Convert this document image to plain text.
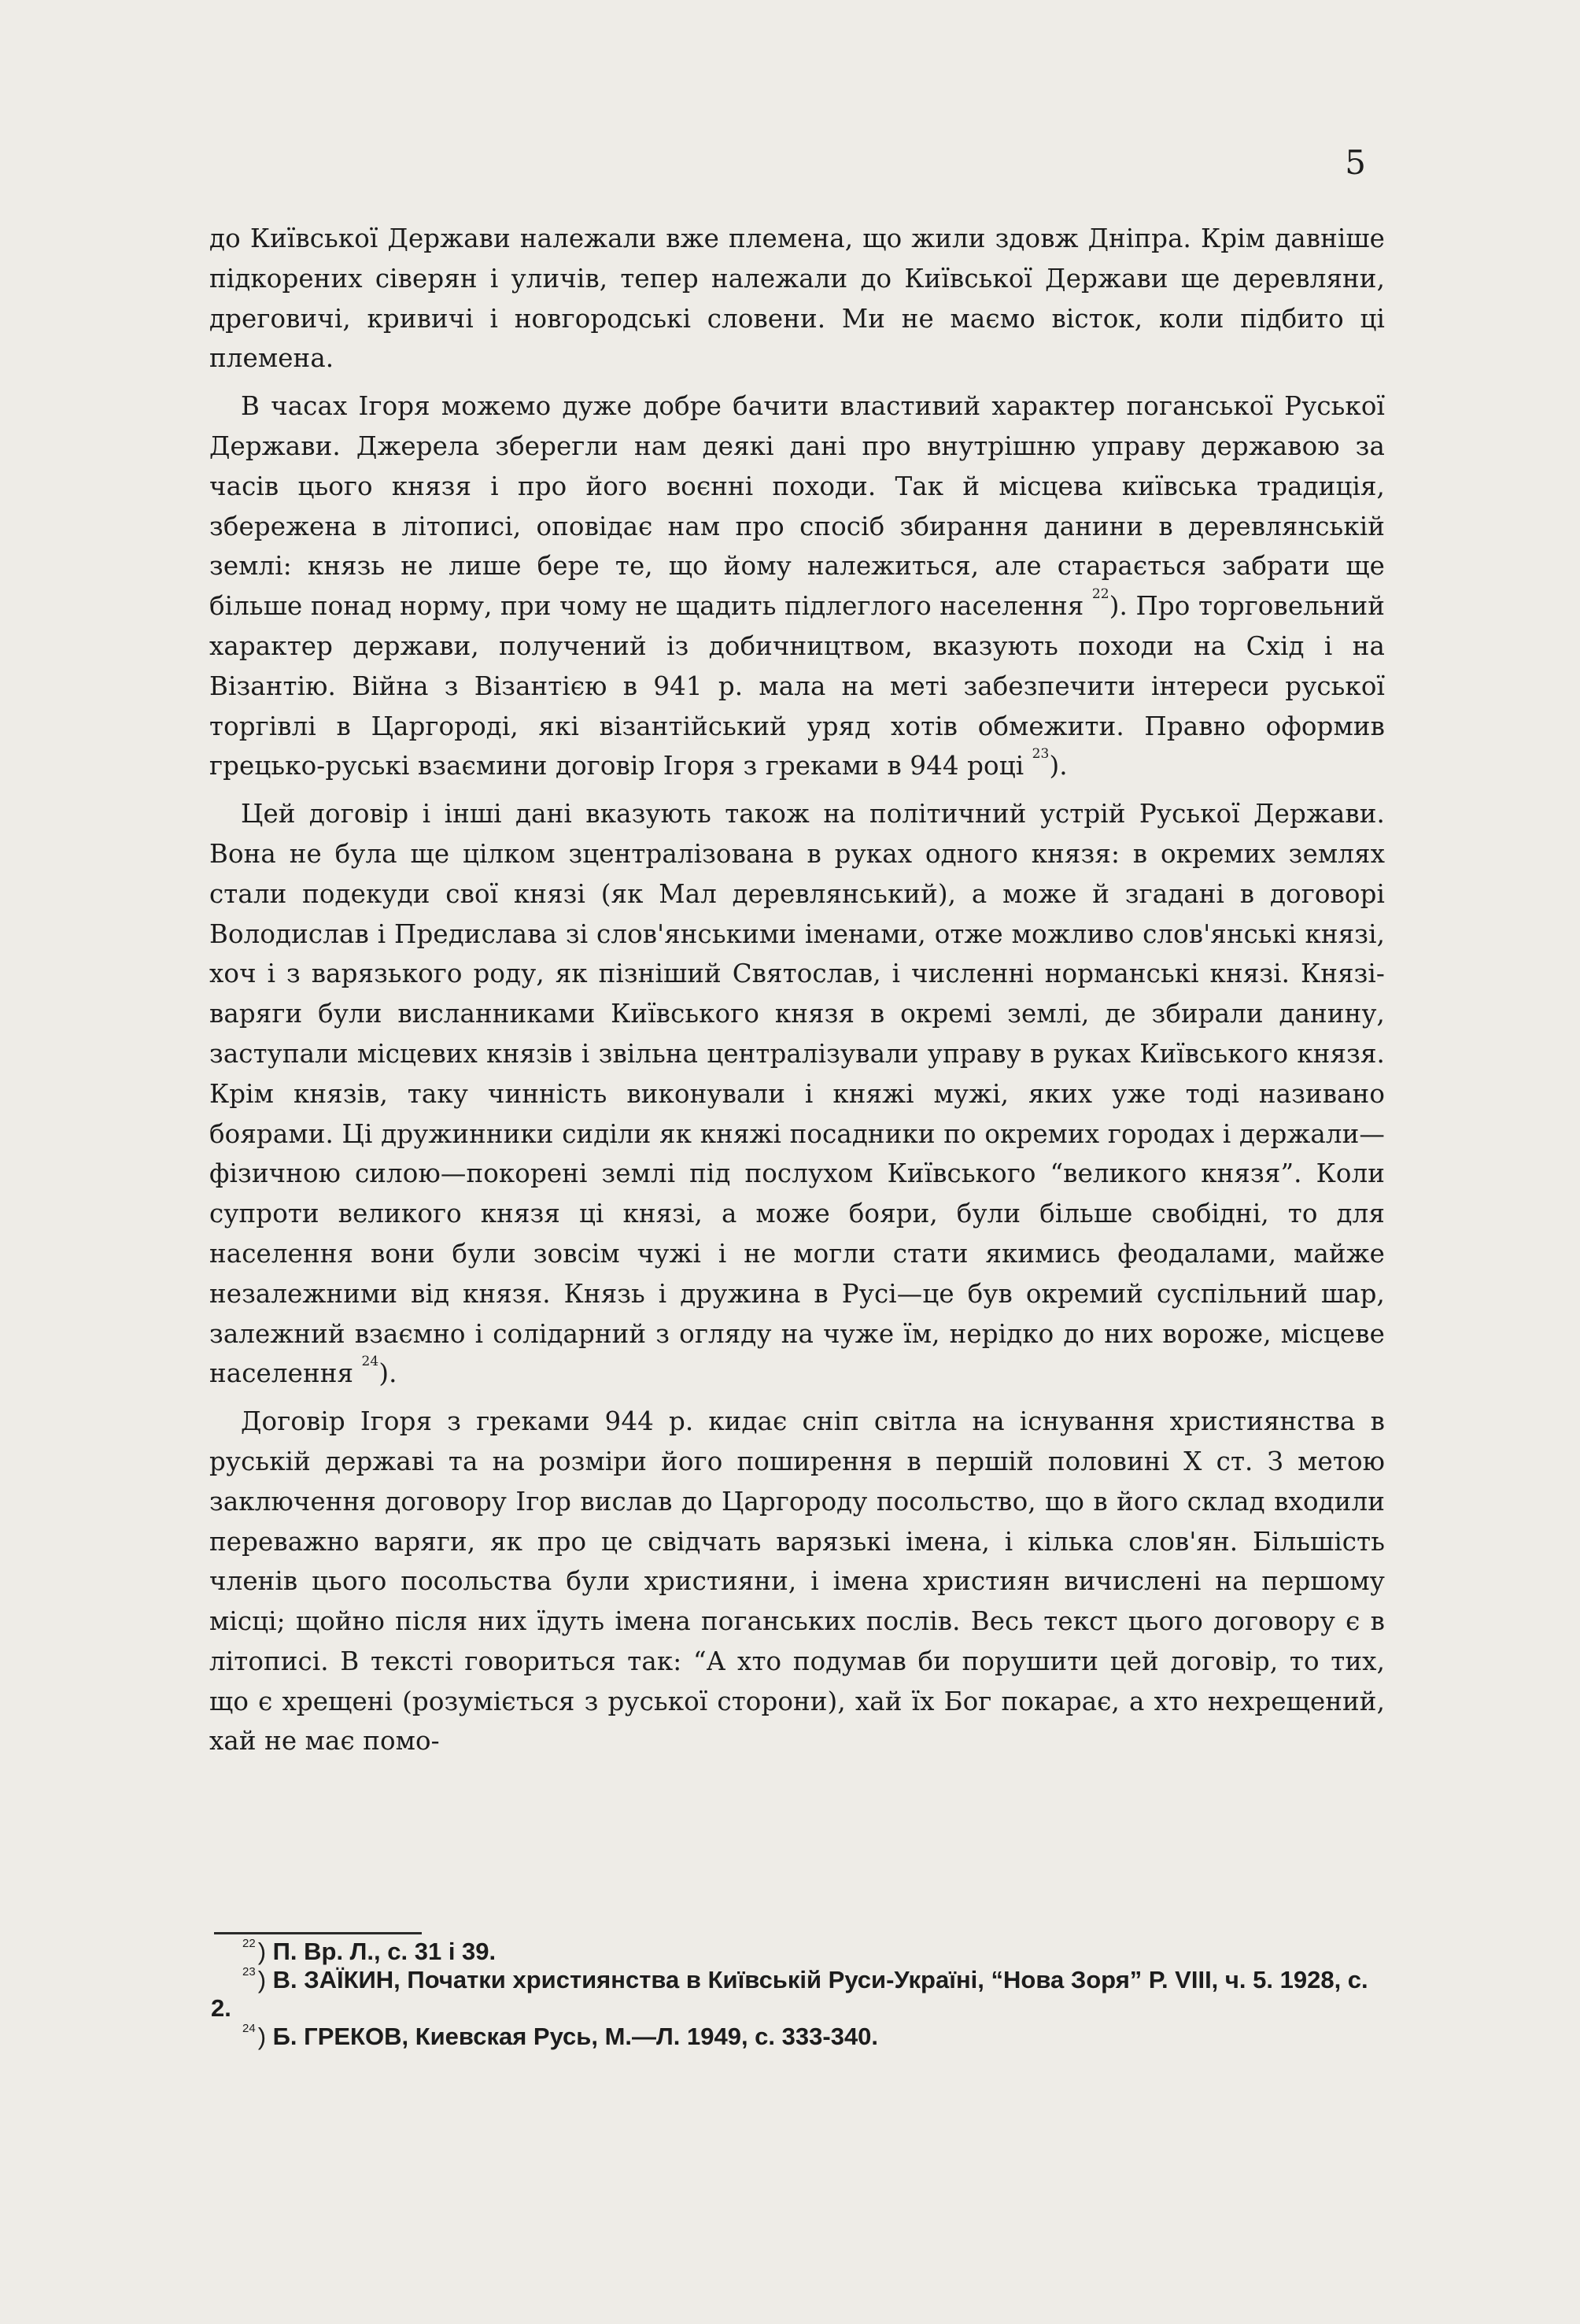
5

до Київської Держави належали вже племена, що жили здовж Дніпра. Крім давніше підкорених сіверян і уличів, тепер належали до Київської Держави ще деревляни, дреговичі, кривичі і новгородські словени. Ми не маємо вісток, коли підбито ці племена.

В часах Ігоря можемо дуже добре бачити властивий характер поганської Руської Держави. Джерела зберегли нам деякі дані про внутрішню управу державою за часів цього князя і про його воєнні походи. Так й місцева київська традиція, збережена в літописі, оповідає нам про спосіб збирання данини в деревлянській землі: князь не лише бере те, що йому належиться, але старається забрати ще більше понад норму, при чому не щадить підлеглого населення $^{22}$). Про торговельний характер держави, получений із добичництвом, вказують походи на Схід і на Візантію. Війна з Візантією в 941 р. мала на меті забезпечити інтереси руської торгівлі в Царгороді, які візантійський уряд хотів обмежити. Правно оформив грецько-руські взаємини договір Ігоря з греками в 944 році $^{23}$).

Цей договір і інші дані вказують також на політичний устрій Руської Держави. Вона не була ще цілком зцентралізована в руках одного князя: в окремих землях стали подекуди свої князі (як Мал деревлянський), а може й згадані в договорі Володислав і Предислава зі слов'янськими іменами, отже можливо слов'янські князі, хоч і з варязького роду, як пізніший Святослав, і численні норманські князі. Князі-варяги були висланниками Київського князя в окремі землі, де збирали данину, заступали місцевих князів і звільна централізували управу в руках Київського князя. Крім князів, таку чинність виконували і княжі мужі, яких уже тоді називано боярами. Ці дружинники сиділи як княжі посадники по окремих городах і держали—фізичною силою—покорені землі під послухом Київського “великого князя”. Коли супроти великого князя ці князі, а може бояри, були більше свобідні, то для населення вони були зовсім чужі і не могли стати якимись феодалами, майже незалежними від князя. Князь і дружина в Русі—це був окремий суспільний шар, залежний взаємно і солідарний з огляду на чуже їм, нерідко до них вороже, місцеве населення $^{24}$).

Договір Ігоря з греками 944 р. кидає сніп світла на існування християнства в руській державі та на розміри його поширення в першій половині X ст. З метою заключення договору Ігор вислав до Царгороду посольство, що в його склад входили переважно варяги, як про це свідчать варязькі імена, і кілька слов'ян. Більшість членів цього посольства були християни, і імена християн вичислені на першому місці; щойно після них їдуть імена поганських послів. Весь текст цього договору є в літописі. В тексті говориться так: “А хто подумав би порушити цей договір, то тих, що є хрещені (розуміється з руської сторони), хай їх Бог покарає, а хто нехрещений, хай не має помо-

$^{22}$) П. Вр. Л., с. 31 і 39.

$^{23}$) В. ЗАЇКИН, Початки християнства в Київській Руси-Україні, “Нова Зоря” Р. VIII, ч. 5. 1928, с. 2.

$^{24}$) Б. ГРЕКОВ, Киевская Русь, М.—Л. 1949, с. 333-340.
